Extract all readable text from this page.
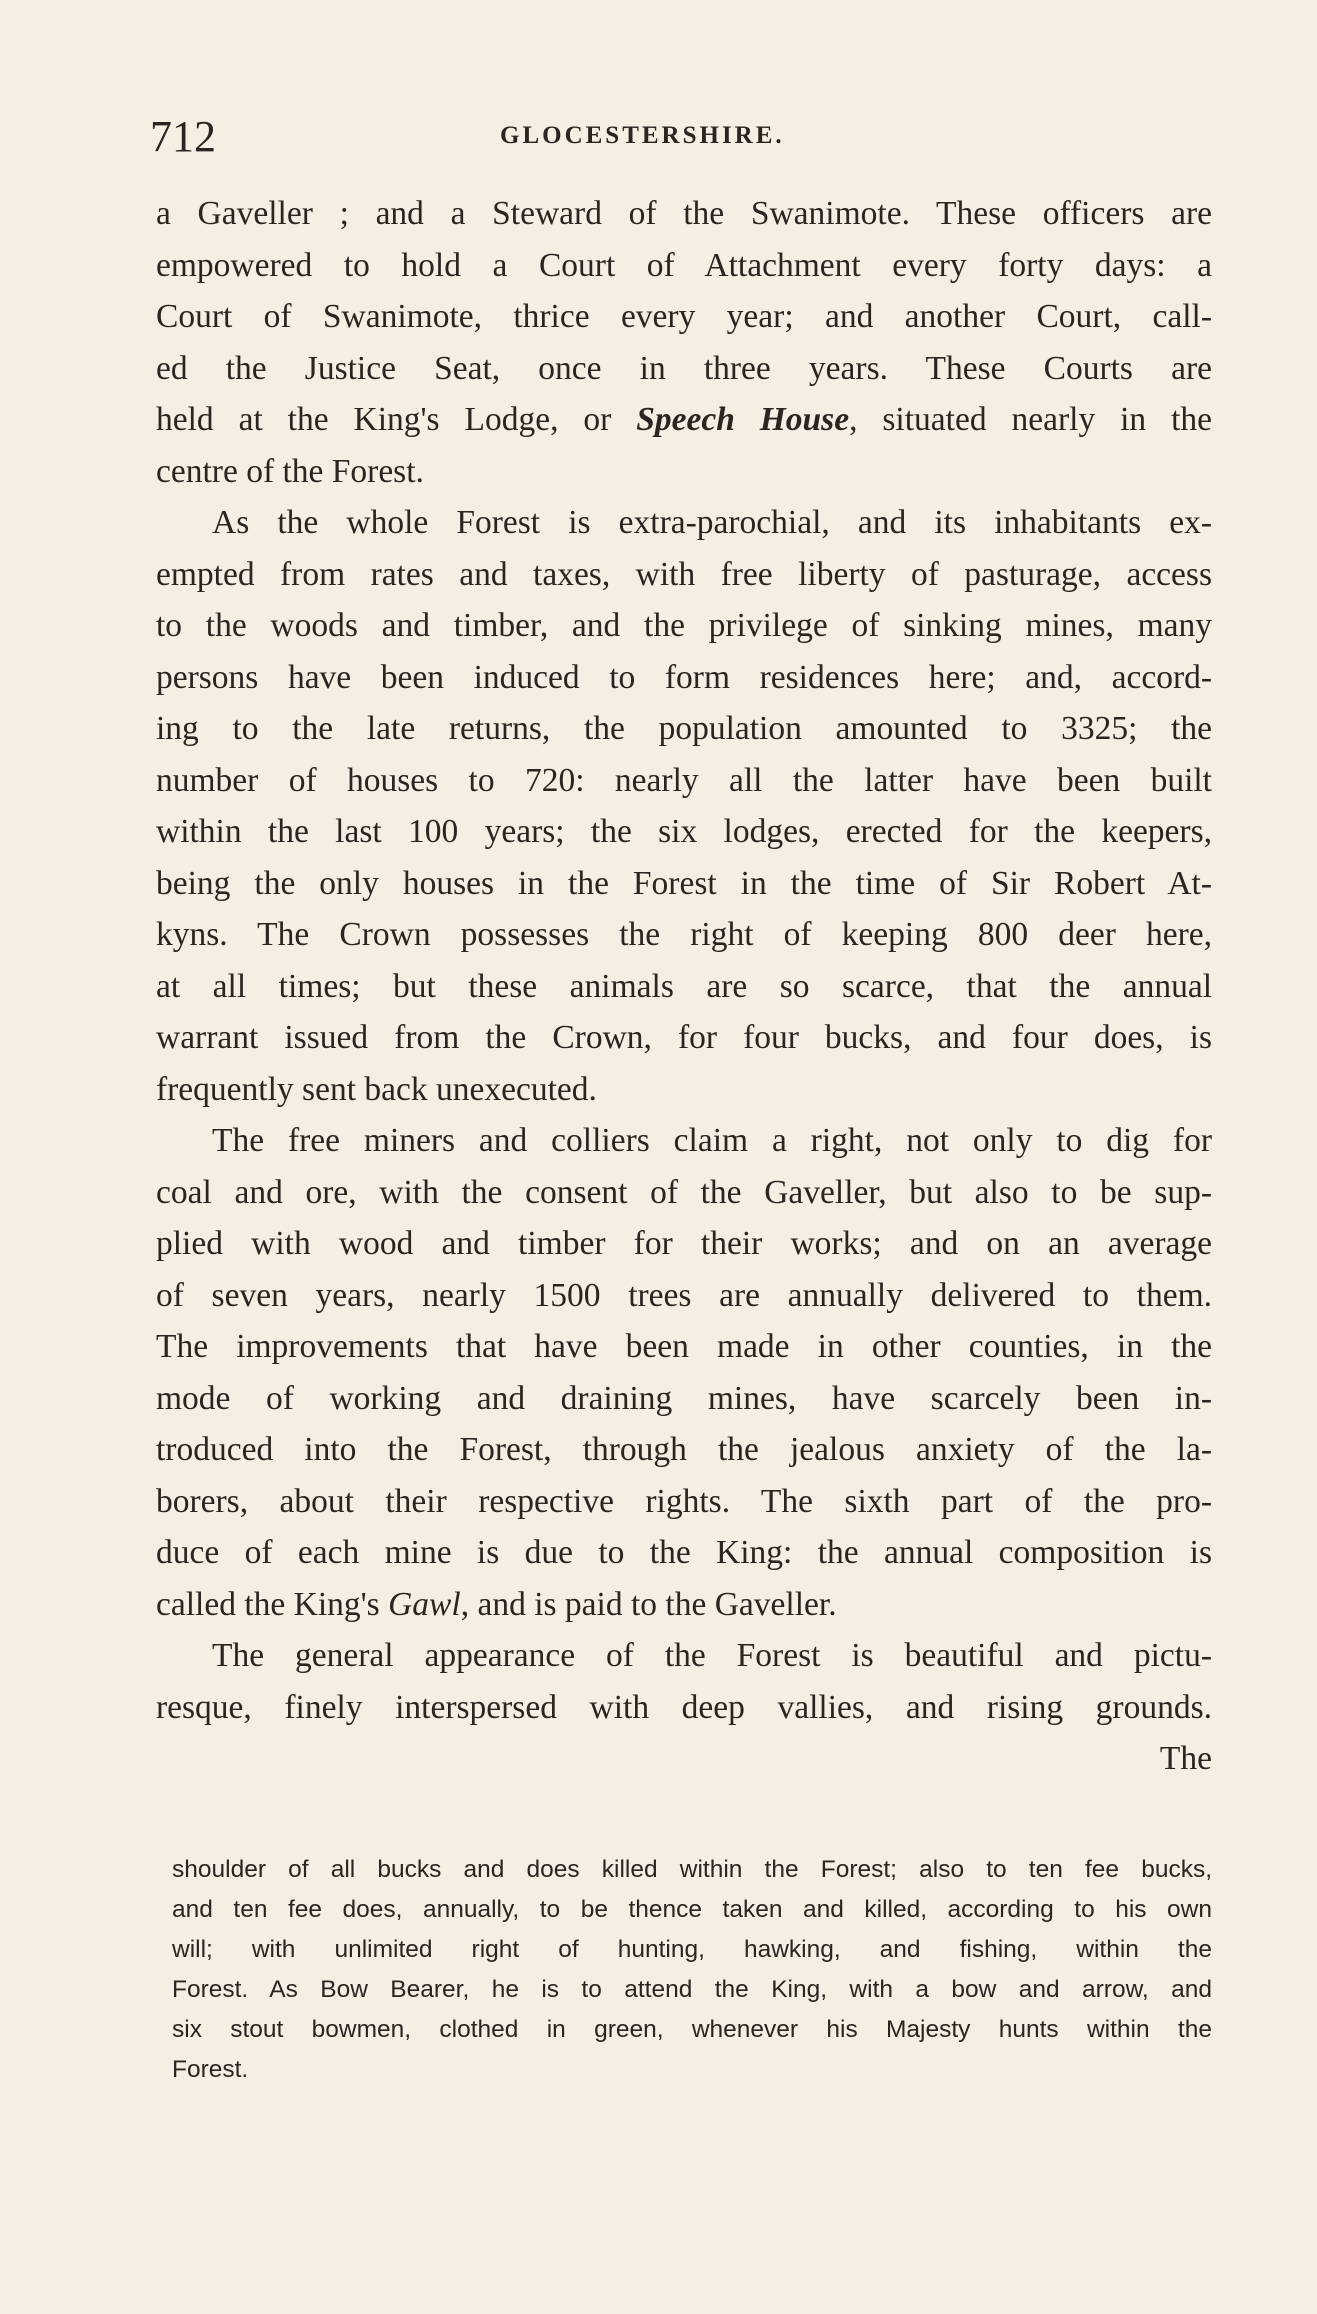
712	GLOCESTERSHIRE.
a Gaveller ; and a Steward of the Swanimote. These officers are
empowered to hold a Court of Attachment every forty days: a
Court of Swanimote, thrice every year; and another Court, call-
ed the Justice Seat, once in three years. These Courts are
held at the King's Lodge, or Speech House, situated nearly in the
centre of the Forest.
As the whole Forest is extra-parochial, and its inhabitants ex-
empted from rates and taxes, with free liberty of pasturage, access
to the woods and timber, and the privilege of sinking mines, many
persons have been induced to form residences here; and, accord-
ing to the late returns, the population amounted to 3325; the
number of houses to 720: nearly all the latter have been built
within the last 100 years; the six lodges, erected for the keepers,
being the only houses in the Forest in the time of Sir Robert At-
kyns. The Crown possesses the right of keeping 800 deer here,
at all times; but these animals are so scarce, that the annual
warrant issued from the Crown, for four bucks, and four does, is
frequently sent back unexecuted.
The free miners and colliers claim a right, not only to dig for
coal and ore, with the consent of the Gaveller, but also to be sup-
plied with wood and timber for their works; and on an average
of seven years, nearly 1500 trees are annually delivered to them.
The improvements that have been made in other counties, in the
mode of working and draining mines, have scarcely been in-
troduced into the Forest, through the jealous anxiety of the la-
borers, about their respective rights. The sixth part of the pro-
duce of each mine is due to the King: the annual composition is
called the King's Gawl, and is paid to the Gaveller.
The general appearance of the Forest is beautiful and pictu-
resque, finely interspersed with deep vallies, and rising grounds.
The
shoulder of all bucks and does killed within the Forest; also to ten fee bucks,
and ten fee does, annually, to be thence taken and killed, according to his own
will; with unlimited right of hunting, hawking, and fishing, within the
Forest. As Bow Bearer, he is to attend the King, with a bow and arrow, and
six stout bowmen, clothed in green, whenever his Majesty hunts within the
Forest.
